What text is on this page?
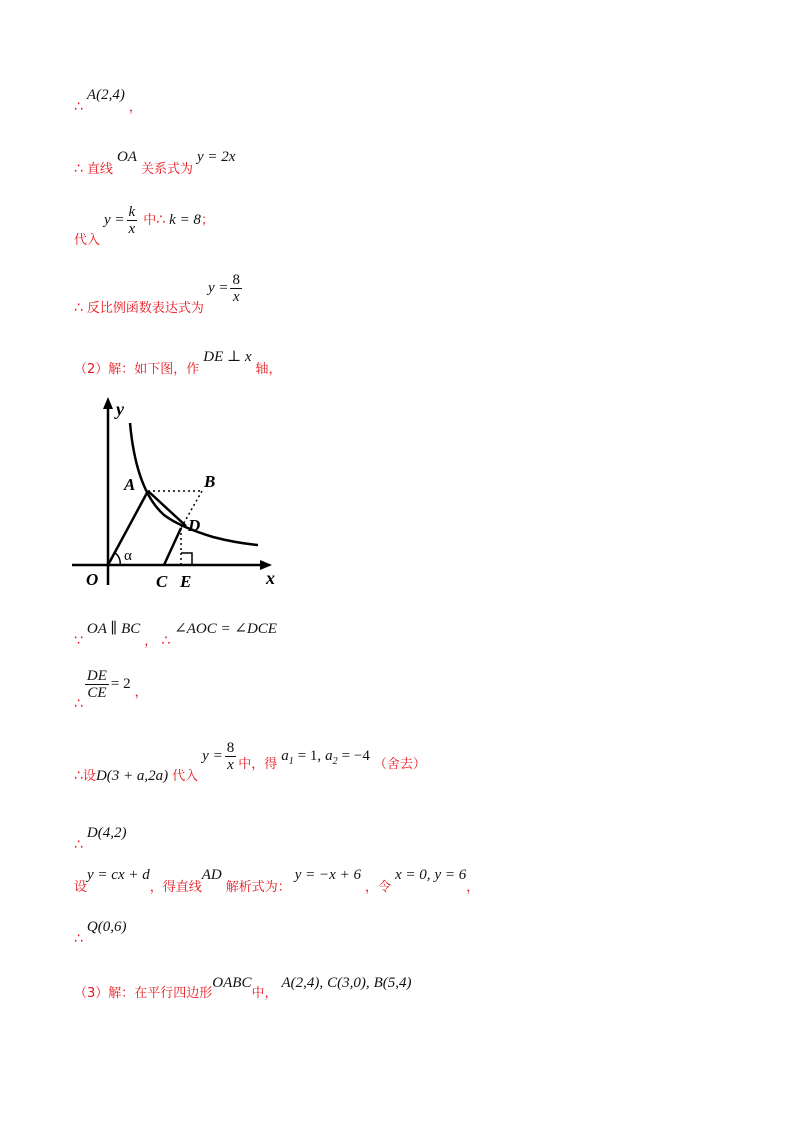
∴ A(2,4) ，
∴ 直线 OA 关系式为 y = 2x
$_{代入}$ $y = \frac{k}{x}$ 中∴ k = 8；
∴ $_{反比例函数表达式为}$ $y = \frac{8}{x}$
（2）解：如下图，作 DE ⊥ x 轴，
y
x
O
A	B
C
D
E
α
∵ OA ∥ BC ， ∴ ∠AOC = ∠DCE
∴
$\frac{DE}{CE} = 2$ $_,$
$\therefore_设D(3 + a,2a)$ $_{代入}$ $y = \frac{8}{x} _{中,得}$ $a_1 = 1$, $a_2 = -4$ $_{(舍去)}$
∴ D(4,2)
设y = cx + d，得直线AD 解析式为： y = −x + 6 ，令 x = 0, y = 6，
∴ Q(0,6)
$_{(3)解:在平行四边形}OABC_{中,}$ A(2,4), C(3,0), B(5,4)
